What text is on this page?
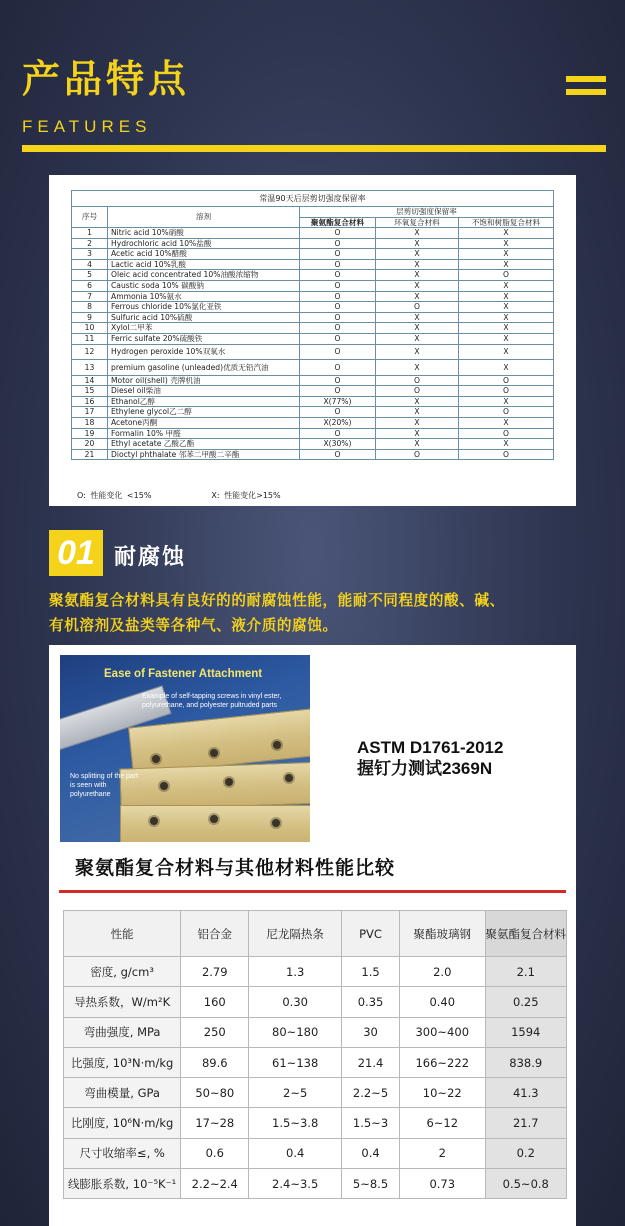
产品特点
FEATURES
常温90天后层剪切强度保留率				
序号	溶剂	层剪切强度保留率		
		聚氨酯复合材料	环氧复合材料	不饱和树脂复合材料
1	Nitric acid 10%硝酸	O	X	X
2	Hydrochloric acid 10%盐酸	O	X	X
3	Acetic acid 10%醋酸	O	X	X
4	Lactic acid 10%乳酸	O	X	X
5	Oleic acid concentrated 10%油酸浓缩物	O	X	O
6	Caustic soda 10% 碳酸钠	O	X	X
7	Ammonia 10%氨水	O	X	X
8	Ferrous chloride 10%氯化亚铁	O	O	X
9	Sulfuric acid 10%硫酸	O	X	X
10	Xylol二甲苯	O	X	X
11	Ferric sulfate 20%硫酸铁	O	X	X
12	Hydrogen peroxide 10%双氧水	O	X	X
13	premium gasoline (unleaded)优质无铅汽油	O	X	X
14	Motor oil(shell) 壳牌机油	O	O	O
15	Diesel oil柴油	O	O	O
16	Ethanol乙醇	X(77%)	X	X
17	Ethylene glycol乙二醇	O	X	O
18	Acetone丙酮	X(20%)	X	X
19	Formalin 10% 甲醛	O	X	O
20	Ethyl acetate 乙酸乙酯	X(30%)	X	X
21	Dioctyl phthalate 邻苯二甲酸二辛酯	O	O	O
O: 性能变化 <15%	X: 性能变化>15%
01 耐腐蚀
聚氨酯复合材料具有良好的的耐腐蚀性能，能耐不同程度的酸、碱、
有机溶剂及盐类等各种气、液介质的腐蚀。
Ease of Fastener Attachment
Example of self-tapping screws in vinyl ester, polyurethane, and polyester pultruded parts
No splitting of the part is seen with polyurethane
ASTM D1761-2012
握钉力测试2369N
聚氨酯复合材料与其他材料性能比较
性能	铝合金	尼龙隔热条	PVC	聚酯玻璃钢	聚氨酯复合材料
密度, g/cm³	2.79	1.3	1.5	2.0	2.1
导热系数，W/m²K	160	0.30	0.35	0.40	0.25
弯曲强度, MPa	250	80~180	30	300~400	1594
比强度, 10³N·m/kg	89.6	61~138	21.4	166~222	838.9
弯曲模量, GPa	50~80	2~5	2.2~5	10~22	41.3
比刚度, 10⁶N·m/kg	17~28	1.5~3.8	1.5~3	6~12	21.7
尺寸收缩率≤, %	0.6	0.4	0.4	2	0.2
线膨胀系数, 10⁻⁵K⁻¹	2.2~2.4	2.4~3.5	5~8.5	0.73	0.5~0.8
